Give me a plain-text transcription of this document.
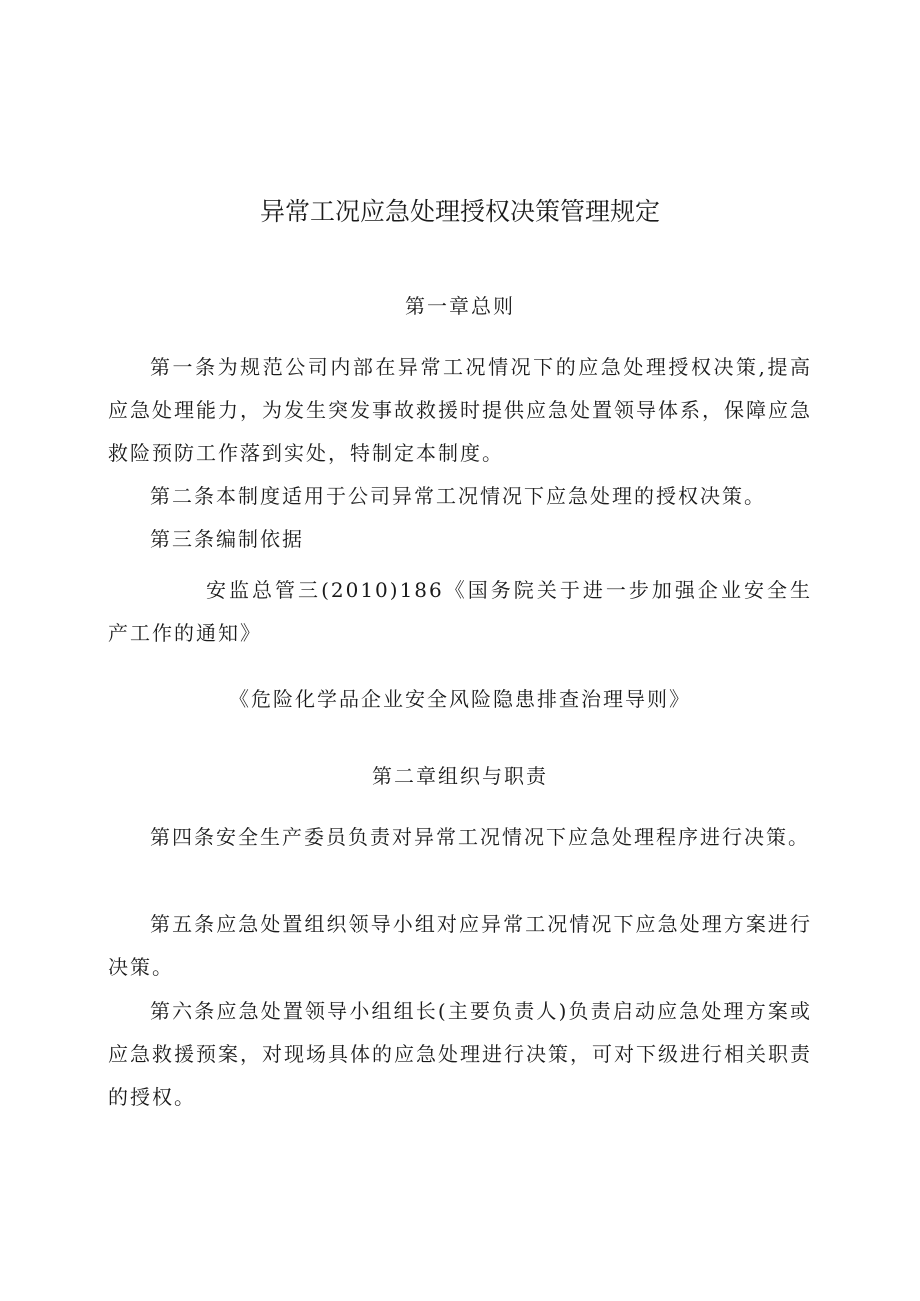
异常工况应急处理授权决策管理规定
第一章总则
第一条为规范公司内部在异常工况情况下的应急处理授权决策,提高应急处理能力，为发生突发事故救援时提供应急处置领导体系，保障应急救险预防工作落到实处，特制定本制度。
第二条本制度适用于公司异常工况情况下应急处理的授权决策。
第三条编制依据
安监总管三(2010)186《国务院关于进一步加强企业安全生产工作的通知》
《危险化学品企业安全风险隐患排查治理导则》
第二章组织与职责
第四条安全生产委员负责对异常工况情况下应急处理程序进行决策。
第五条应急处置组织领导小组对应异常工况情况下应急处理方案进行决策。
第六条应急处置领导小组组长(主要负责人)负责启动应急处理方案或应急救援预案，对现场具体的应急处理进行决策，可对下级进行相关职责的授权。
